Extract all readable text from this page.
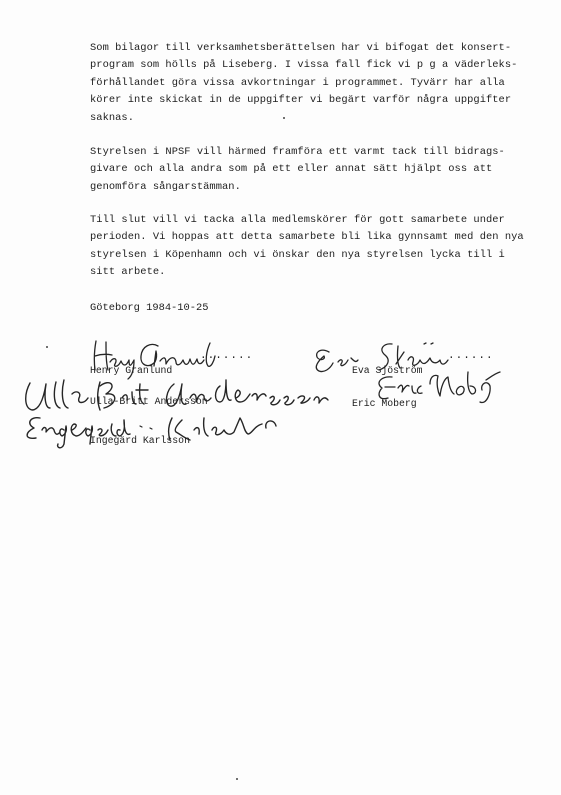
Som bilagor till verksamhetsberättelsen har vi bifogat det konsert-
program som hölls på Liseberg. I vissa fall fick vi p g a väderleks-
förhållandet göra vissa avkortningar i programmet. Tyvärr har alla
körer inte skickat in de uppgifter vi begärt varför några uppgifter
saknas.
Styrelsen i NPSF vill härmed framföra ett varmt tack till bidrags-
givare och alla andra som på ett eller annat sätt hjälpt oss att
genomföra sångarstämman.
Till slut vill vi tacka alla medlemskörer för gott samarbete under
perioden. Vi hoppas att detta samarbete bli lika gynnsamt med den nya
styrelsen i Köpenhamn och vi önskar den nya styrelsen lycka till i
sitt arbete.
Göteborg 1984-10-25
.......	......
Henry Granlund	Eva Sjöström
Ulla-Britt Andersson	Eric Moberg
Ingegärd Karlsson
